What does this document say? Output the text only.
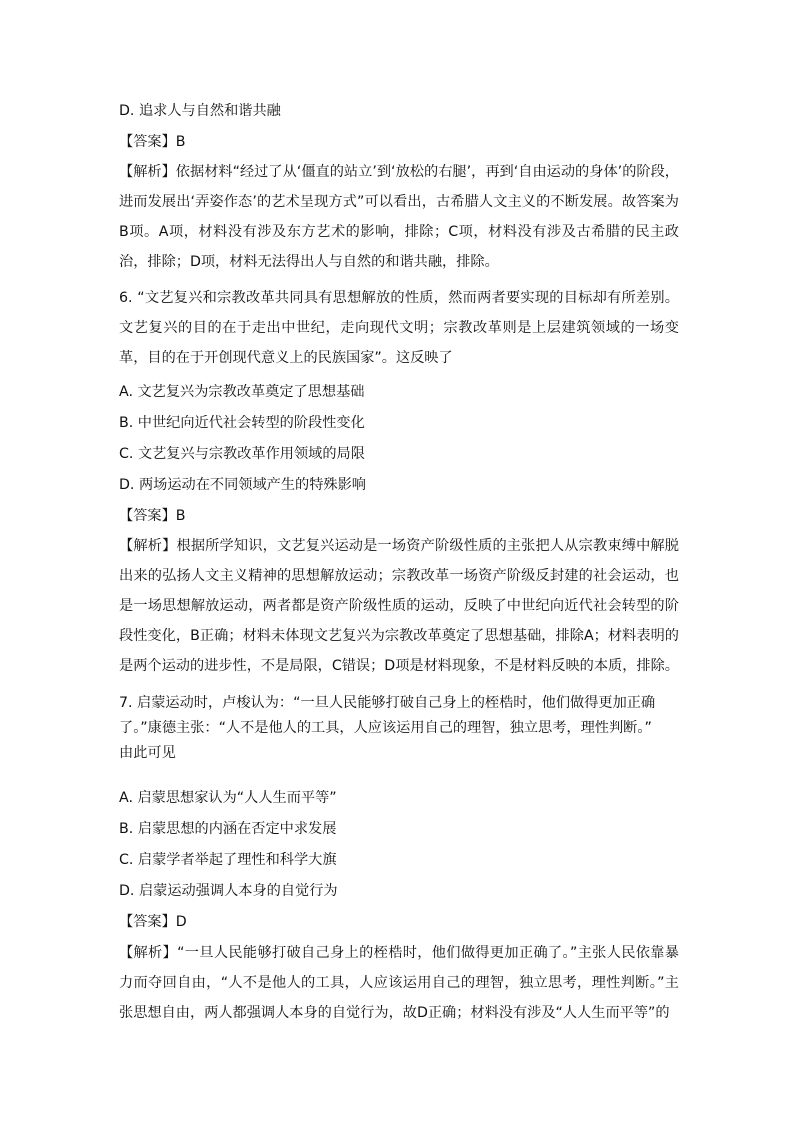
D. 追求人与自然和谐共融
【答案】B
【解析】依据材料“经过了从‘僵直的站立’到‘放松的右腿’，再到‘自由运动的身体’的阶段，进而发展出‘弄姿作态’的艺术呈现方式”可以看出，古希腊人文主义的不断发展。故答案为B项。A项，材料没有涉及东方艺术的影响，排除；C项，材料没有涉及古希腊的民主政治，排除；D项，材料无法得出人与自然的和谐共融，排除。
6. “文艺复兴和宗教改革共同具有思想解放的性质，然而两者要实现的目标却有所差别。文艺复兴的目的在于走出中世纪，走向现代文明；宗教改革则是上层建筑领域的一场变革，目的在于开创现代意义上的民族国家”。这反映了
A. 文艺复兴为宗教改革奠定了思想基础
B. 中世纪向近代社会转型的阶段性变化
C. 文艺复兴与宗教改革作用领域的局限
D. 两场运动在不同领域产生的特殊影响
【答案】B
【解析】根据所学知识，文艺复兴运动是一场资产阶级性质的主张把人从宗教束缚中解脱出来的弘扬人文主义精神的思想解放运动；宗教改革一场资产阶级反封建的社会运动，也是一场思想解放运动，两者都是资产阶级性质的运动，反映了中世纪向近代社会转型的阶段性变化，B正确；材料未体现文艺复兴为宗教改革奠定了思想基础，排除A；材料表明的是两个运动的进步性，不是局限，C错误；D项是材料现象，不是材料反映的本质，排除。
7. 启蒙运动时，卢梭认为：“一旦人民能够打破自己身上的桎梏时，他们做得更加正确
了。”康德主张：“人不是他人的工具，人应该运用自己的理智，独立思考，理性判断。”
由此可见
A. 启蒙思想家认为“人人生而平等”
B. 启蒙思想的内涵在否定中求发展
C. 启蒙学者举起了理性和科学大旗
D. 启蒙运动强调人本身的自觉行为
【答案】D
【解析】“一旦人民能够打破自己身上的桎梏时，他们做得更加正确了。”主张人民依靠暴力而夺回自由，“人不是他人的工具，人应该运用自己的理智，独立思考，理性判断。”主张思想自由，两人都强调人本身的自觉行为，故D正确；材料没有涉及“人人生而平等”的
